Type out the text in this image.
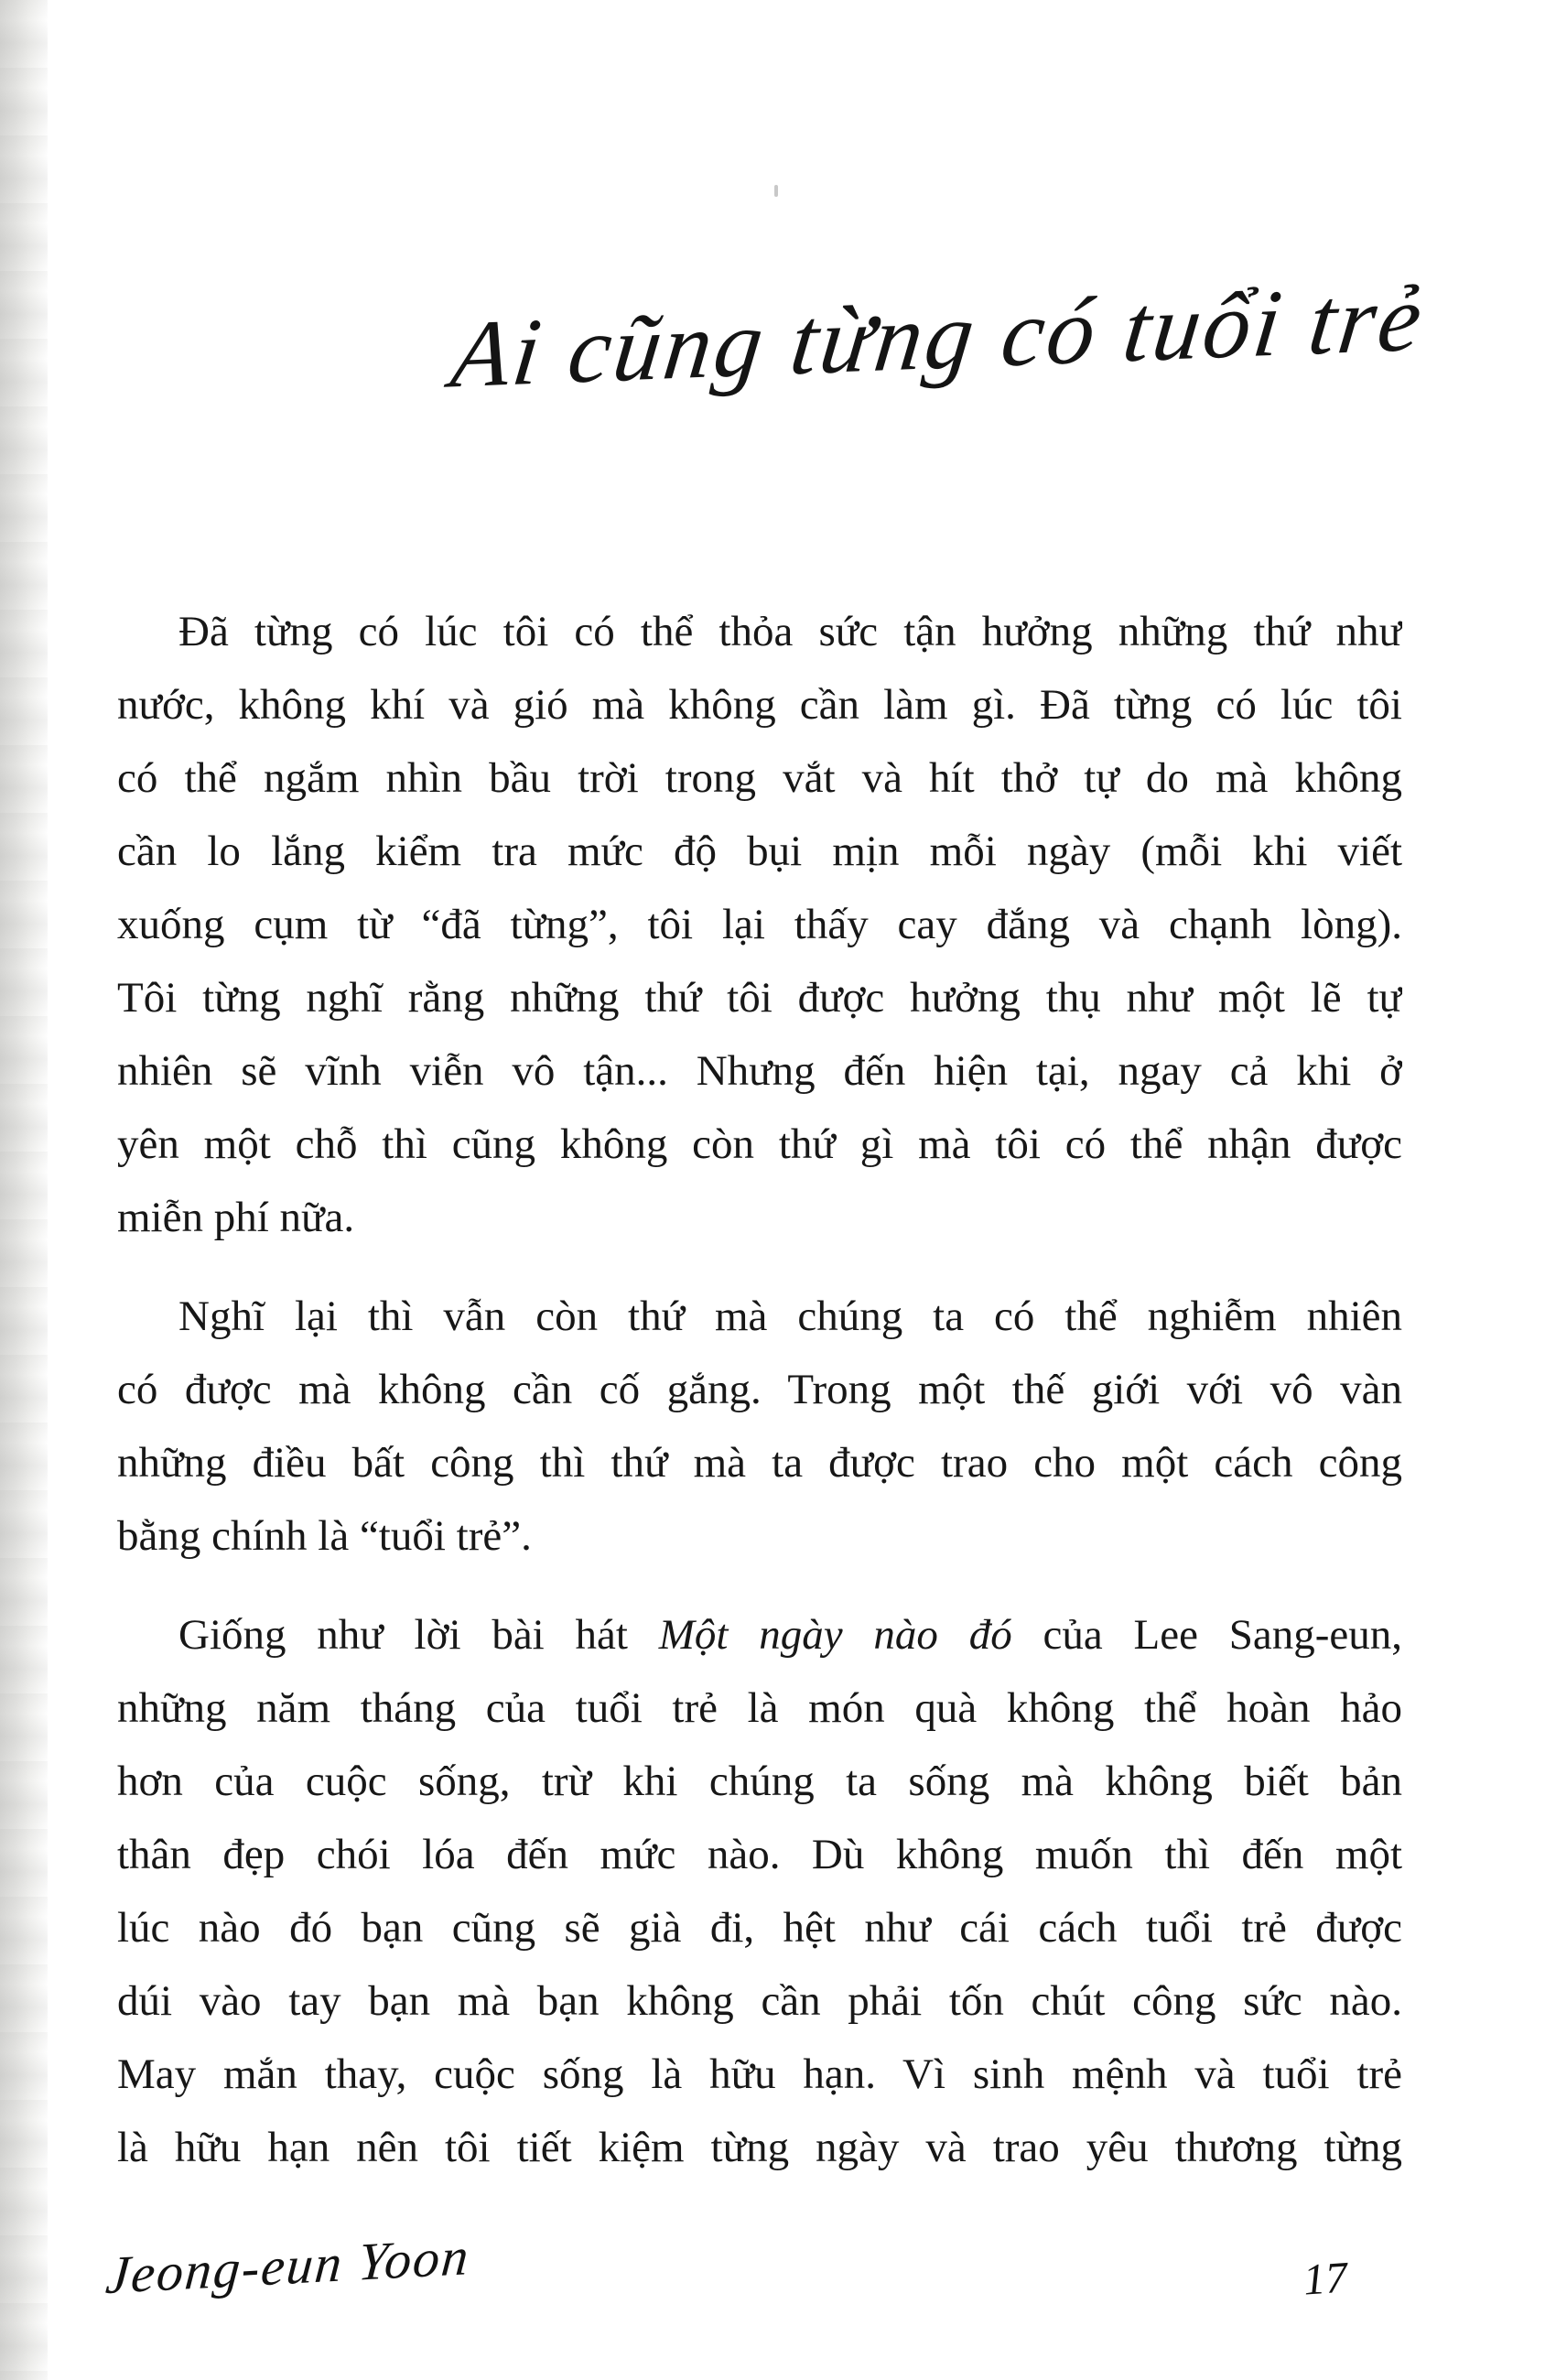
Ai cũng từng có tuổi trẻ
Đã từng có lúc tôi có thể thỏa sức tận hưởng những thứ như
nước, không khí và gió mà không cần làm gì. Đã từng có lúc tôi
có thể ngắm nhìn bầu trời trong vắt và hít thở tự do mà không
cần lo lắng kiểm tra mức độ bụi mịn mỗi ngày (mỗi khi viết
xuống cụm từ “đã từng”, tôi lại thấy cay đắng và chạnh lòng).
Tôi từng nghĩ rằng những thứ tôi được hưởng thụ như một lẽ tự
nhiên sẽ vĩnh viễn vô tận... Nhưng đến hiện tại, ngay cả khi ở
yên một chỗ thì cũng không còn thứ gì mà tôi có thể nhận được
miễn phí nữa.
Nghĩ lại thì vẫn còn thứ mà chúng ta có thể nghiễm nhiên
có được mà không cần cố gắng. Trong một thế giới với vô vàn
những điều bất công thì thứ mà ta được trao cho một cách công
bằng chính là “tuổi trẻ”.
Giống như lời bài hát Một ngày nào đó của Lee Sang-eun,
những năm tháng của tuổi trẻ là món quà không thể hoàn hảo
hơn của cuộc sống, trừ khi chúng ta sống mà không biết bản
thân đẹp chói lóa đến mức nào. Dù không muốn thì đến một
lúc nào đó bạn cũng sẽ già đi, hệt như cái cách tuổi trẻ được
dúi vào tay bạn mà bạn không cần phải tốn chút công sức nào.
May mắn thay, cuộc sống là hữu hạn. Vì sinh mệnh và tuổi trẻ
là hữu hạn nên tôi tiết kiệm từng ngày và trao yêu thương từng
Jeong-eun Yoon	17
